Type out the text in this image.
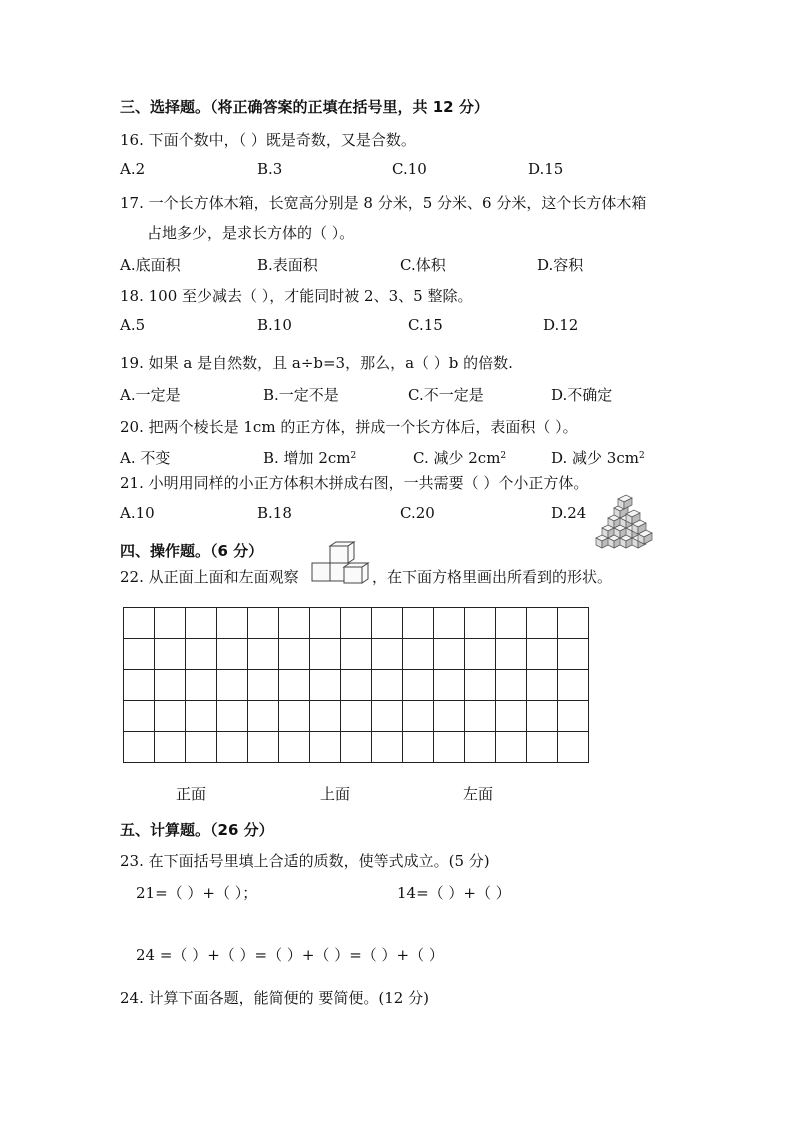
三、选择题。（将正确答案的正填在括号里，共 12 分）
16. 下面个数中，（ ）既是奇数，又是合数。
A.2	B.3	C.10	D.15
17. 一个长方体木箱，长宽高分别是 8 分米，5 分米、6 分米，这个长方体木箱
占地多少，是求长方体的（ ）。
A.底面积	B.表面积	C.体积	D.容积
18. 100 至少减去（ ），才能同时被 2、3、5 整除。
A.5	B.10	C.15	D.12
19. 如果 a 是自然数，且 a÷b=3，那么，a（ ）b 的倍数.
A.一定是	B.一定不是	C.不一定是	D.不确定
20. 把两个棱长是 1cm 的正方体，拼成一个长方体后，表面积（ ）。
A. 不变	B. 增加 $2cm^2$	C. 减少 $2cm^2$	D. 减少 $3cm^2$
21. 小明用同样的小正方体积木拼成右图，一共需要（ ）个小正方体。
A.10	B.18	C.20	D.24
四、操作题。（6 分）
22. 从正面上面和左面观察	，在下面方格里画出所看到的形状。

正面	上面	左面
五、计算题。（26 分）
23. 在下面括号里填上合适的质数，使等式成立。(5 分)
21=（ ）+（ ）；	14=（ ）+（ ）
24 =（ ）+（ ）=（ ）+（ ）=（ ）+（ ）
24. 计算下面各题，能简便的 要简便。(12 分)
